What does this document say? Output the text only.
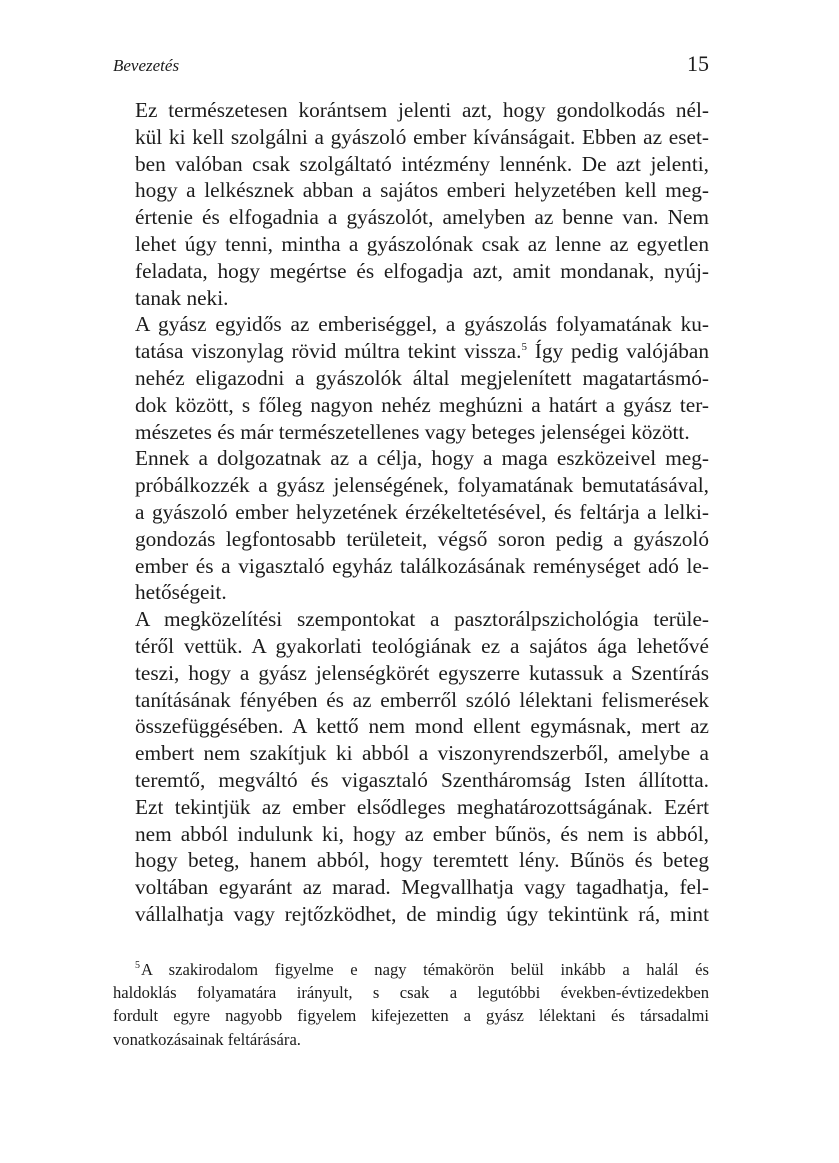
Bevezetés	15

Ez természetesen korántsem jelenti azt, hogy gondolkodás nél-
kül ki kell szolgálni a gyászoló ember kívánságait. Ebben az eset-
ben valóban csak szolgáltató intézmény lennénk. De azt jelenti,
hogy a lelkésznek abban a sajátos emberi helyzetében kell meg-
értenie és elfogadnia a gyászolót, amelyben az benne van. Nem
lehet úgy tenni, mintha a gyászolónak csak az lenne az egyetlen
feladata, hogy megértse és elfogadja azt, amit mondanak, nyúj-
tanak neki.

A gyász egyidős az emberiséggel, a gyászolás folyamatának ku-
tatása viszonylag rövid múltra tekint vissza.$^5$ Így pedig valójában
nehéz eligazodni a gyászolók által megjelenített magatartásmó-
dok között, s főleg nagyon nehéz meghúzni a határt a gyász ter-
mészetes és már természetellenes vagy beteges jelenségei között.

Ennek a dolgozatnak az a célja, hogy a maga eszközeivel meg-
próbálkozzék a gyász jelenségének, folyamatának bemutatásával,
a gyászoló ember helyzetének érzékeltetésével, és feltárja a lelki-
gondozás legfontosabb területeit, végső soron pedig a gyászoló
ember és a vigasztaló egyház találkozásának reménységet adó le-
hetőségeit.

A megközelítési szempontokat a pasztorálpszichológia terüle-
téről vettük. A gyakorlati teológiának ez a sajátos ága lehetővé
teszi, hogy a gyász jelenségkörét egyszerre kutassuk a Szentírás
tanításának fényében és az emberről szóló lélektani felismerések
összefüggésében. A kettő nem mond ellent egymásnak, mert az
embert nem szakítjuk ki abból a viszonyrendszerből, amelybe a
teremtő, megváltó és vigasztaló Szentháromság Isten állította.
Ezt tekintjük az ember elsődleges meghatározottságának. Ezért
nem abból indulunk ki, hogy az ember bűnös, és nem is abból,
hogy beteg, hanem abból, hogy teremtett lény. Bűnös és beteg
voltában egyaránt az marad. Megvallhatja vagy tagadhatja, fel-
vállalhatja vagy rejtőzködhet, de mindig úgy tekintünk rá, mint

$^5$A szakirodalom figyelme e nagy témakörön belül inkább a halál és
haldoklás folyamatára irányult, s csak a legutóbbi években-évtizedekben
fordult egyre nagyobb figyelem kifejezetten a gyász lélektani és társadalmi
vonatkozásainak feltárására.
